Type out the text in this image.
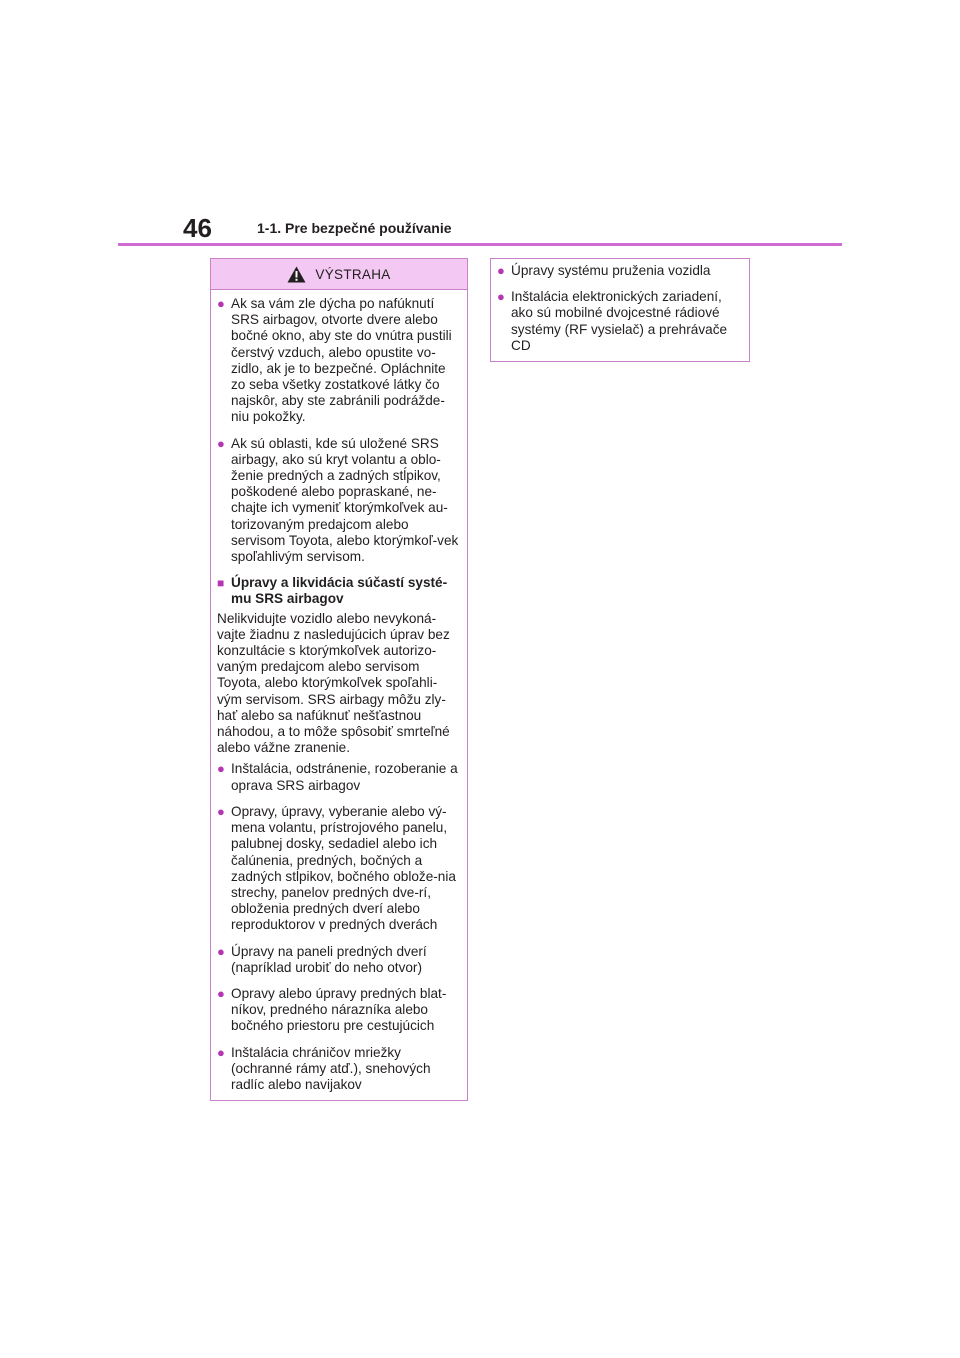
46	1-1. Pre bezpečné používanie
VÝSTRAHA
● Ak sa vám zle dýcha po nafúknutí SRS airbagov, otvorte dvere alebo bočné okno, aby ste do vnútra pustili čerstvý vzduch, alebo opustite vo-zidlo, ak je to bezpečné. Opláchnite zo seba všetky zostatkové látky čo najskôr, aby ste zabránili podrážde-niu pokožky.
● Ak sú oblasti, kde sú uložené SRS airbagy, ako sú kryt volantu a oblo-ženie predných a zadných stĺpikov, poškodené alebo popraskané, ne-chajte ich vymeniť ktorýmkoľvek au-torizovaným predajcom alebo servisom Toyota, alebo ktorýmkoľ-vek spoľahlivým servisom.
■ Úpravy a likvidácia súčastí systé-mu SRS airbagov
Nelikvidujte vozidlo alebo nevykoná-vajte žiadnu z nasledujúcich úprav bez konzultácie s ktorýmkoľvek autorizo-vaným predajcom alebo servisom Toyota, alebo ktorýmkoľvek spoľahli-vým servisom. SRS airbagy môžu zly-hať alebo sa nafúknuť nešťastnou náhodou, a to môže spôsobiť smrteľné alebo vážne zranenie.
● Inštalácia, odstránenie, rozoberanie a oprava SRS airbagov
● Opravy, úpravy, vyberanie alebo vý-mena volantu, prístrojového panelu, palubnej dosky, sedadiel alebo ich čalúnenia, predných, bočných a zadných stĺpikov, bočného oblože-nia strechy, panelov predných dve-rí, obloženia predných dverí alebo reproduktorov v predných dverách
● Úpravy na paneli predných dverí (napríklad urobiť do neho otvor)
● Opravy alebo úpravy predných blat-níkov, predného nárazníka alebo bočného priestoru pre cestujúcich
● Inštalácia chráničov mriežky (ochranné rámy atď.), snehových radlíc alebo navijakov
● Úpravy systému pruženia vozidla
● Inštalácia elektronických zariadení, ako sú mobilné dvojcestné rádiové systémy (RF vysielač) a prehrávače CD
